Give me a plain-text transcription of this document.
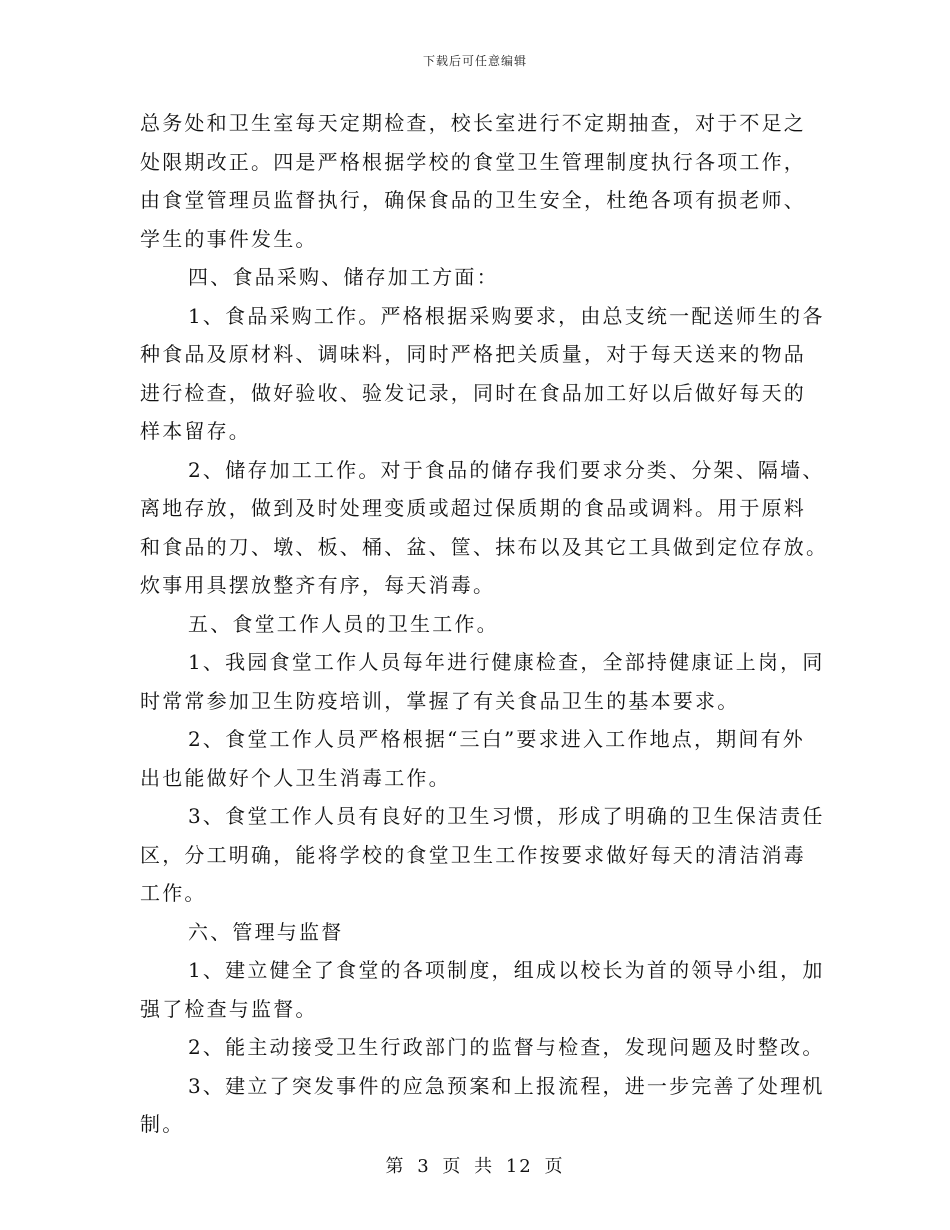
下载后可任意编辑
总务处和卫生室每天定期检查，校长室进行不定期抽查，对于不足之
处限期改正。四是严格根据学校的食堂卫生管理制度执行各项工作，
由食堂管理员监督执行，确保食品的卫生安全，杜绝各项有损老师、
学生的事件发生。
四、食品采购、储存加工方面：
1、食品采购工作。严格根据采购要求，由总支统一配送师生的各
种食品及原材料、调味料，同时严格把关质量，对于每天送来的物品
进行检查，做好验收、验发记录，同时在食品加工好以后做好每天的
样本留存。
2、储存加工工作。对于食品的储存我们要求分类、分架、隔墙、
离地存放，做到及时处理变质或超过保质期的食品或调料。用于原料
和食品的刀、墩、板、桶、盆、筐、抹布以及其它工具做到定位存放。
炊事用具摆放整齐有序，每天消毒。
五、食堂工作人员的卫生工作。
1、我园食堂工作人员每年进行健康检查，全部持健康证上岗，同
时常常参加卫生防疫培训，掌握了有关食品卫生的基本要求。
2、食堂工作人员严格根据“三白”要求进入工作地点，期间有外
出也能做好个人卫生消毒工作。
3、食堂工作人员有良好的卫生习惯，形成了明确的卫生保洁责任
区，分工明确，能将学校的食堂卫生工作按要求做好每天的清洁消毒
工作。
六、管理与监督
1、建立健全了食堂的各项制度，组成以校长为首的领导小组，加
强了检查与监督。
2、能主动接受卫生行政部门的监督与检查，发现问题及时整改。
3、建立了突发事件的应急预案和上报流程，进一步完善了处理机
制。
第 3 页 共 12 页
